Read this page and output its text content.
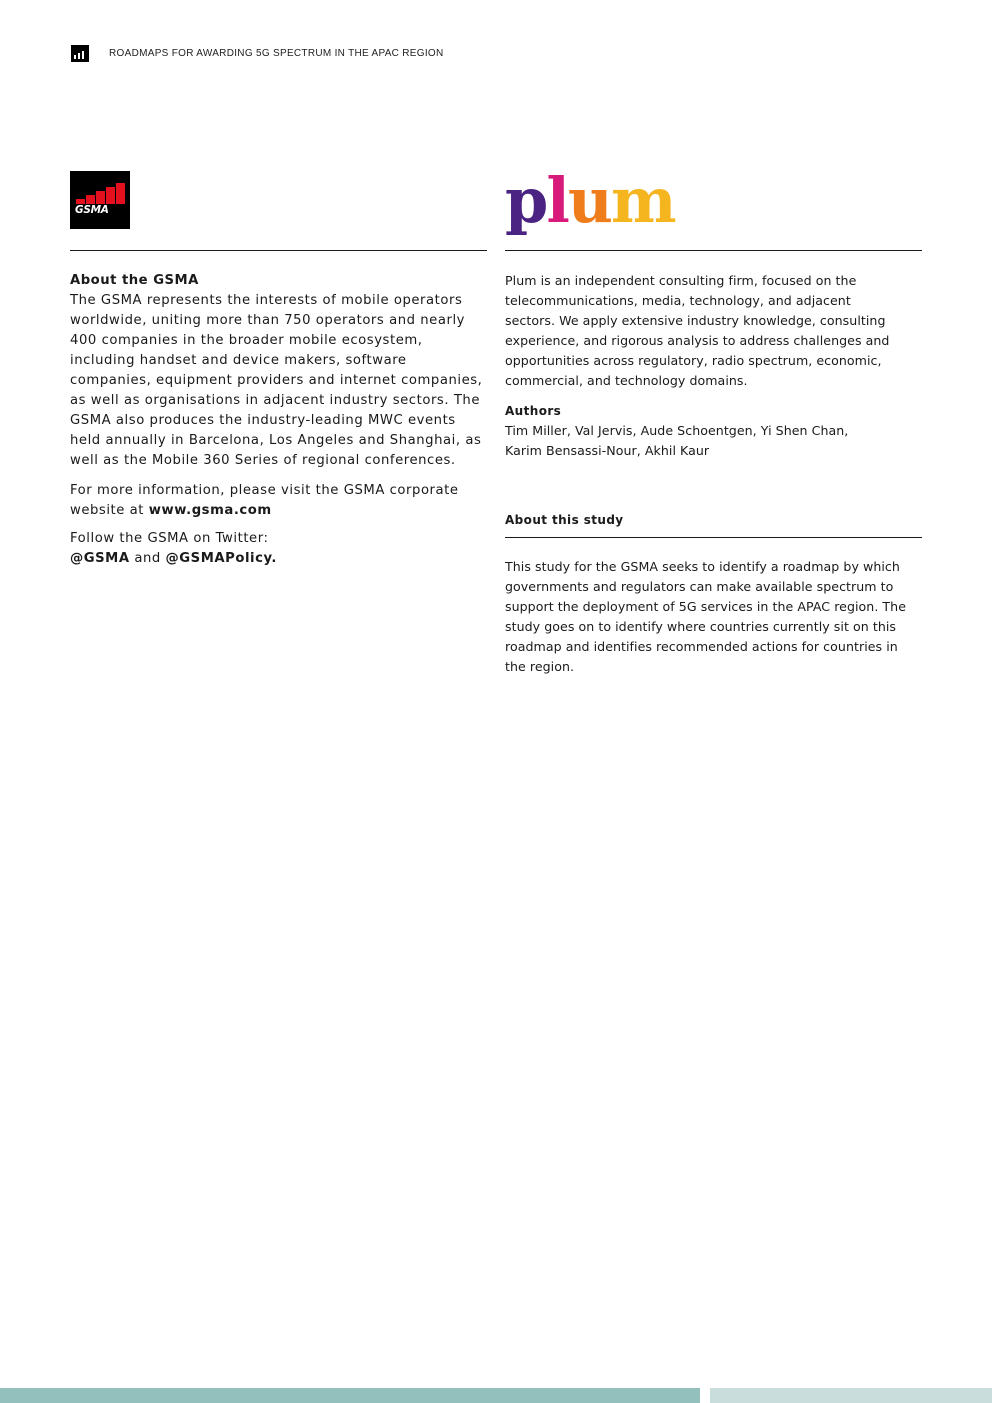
ROADMAPS FOR AWARDING 5G SPECTRUM IN THE APAC REGION
GSMA	plum
About the GSMA

The GSMA represents the interests of mobile operators worldwide, uniting more than 750 operators and nearly 400 companies in the broader mobile ecosystem, including handset and device makers, software companies, equipment providers and internet companies, as well as organisations in adjacent industry sectors. The GSMA also produces the industry-leading MWC events held annually in Barcelona, Los Angeles and Shanghai, as well as the Mobile 360 Series of regional conferences.

For more information, please visit the GSMA corporate website at www.gsma.com

Follow the GSMA on Twitter:
@GSMA and @GSMAPolicy.

Plum is an independent consulting firm, focused on the telecommunications, media, technology, and adjacent sectors. We apply extensive industry knowledge, consulting experience, and rigorous analysis to address challenges and opportunities across regulatory, radio spectrum, economic, commercial, and technology domains.

Authors

Tim Miller, Val Jervis, Aude Schoentgen, Yi Shen Chan,

Karim Bensassi-Nour, Akhil Kaur

About this study

This study for the GSMA seeks to identify a roadmap by which governments and regulators can make available spectrum to support the deployment of 5G services in the APAC region. The study goes on to identify where countries currently sit on this roadmap and identifies recommended actions for countries in the region.
